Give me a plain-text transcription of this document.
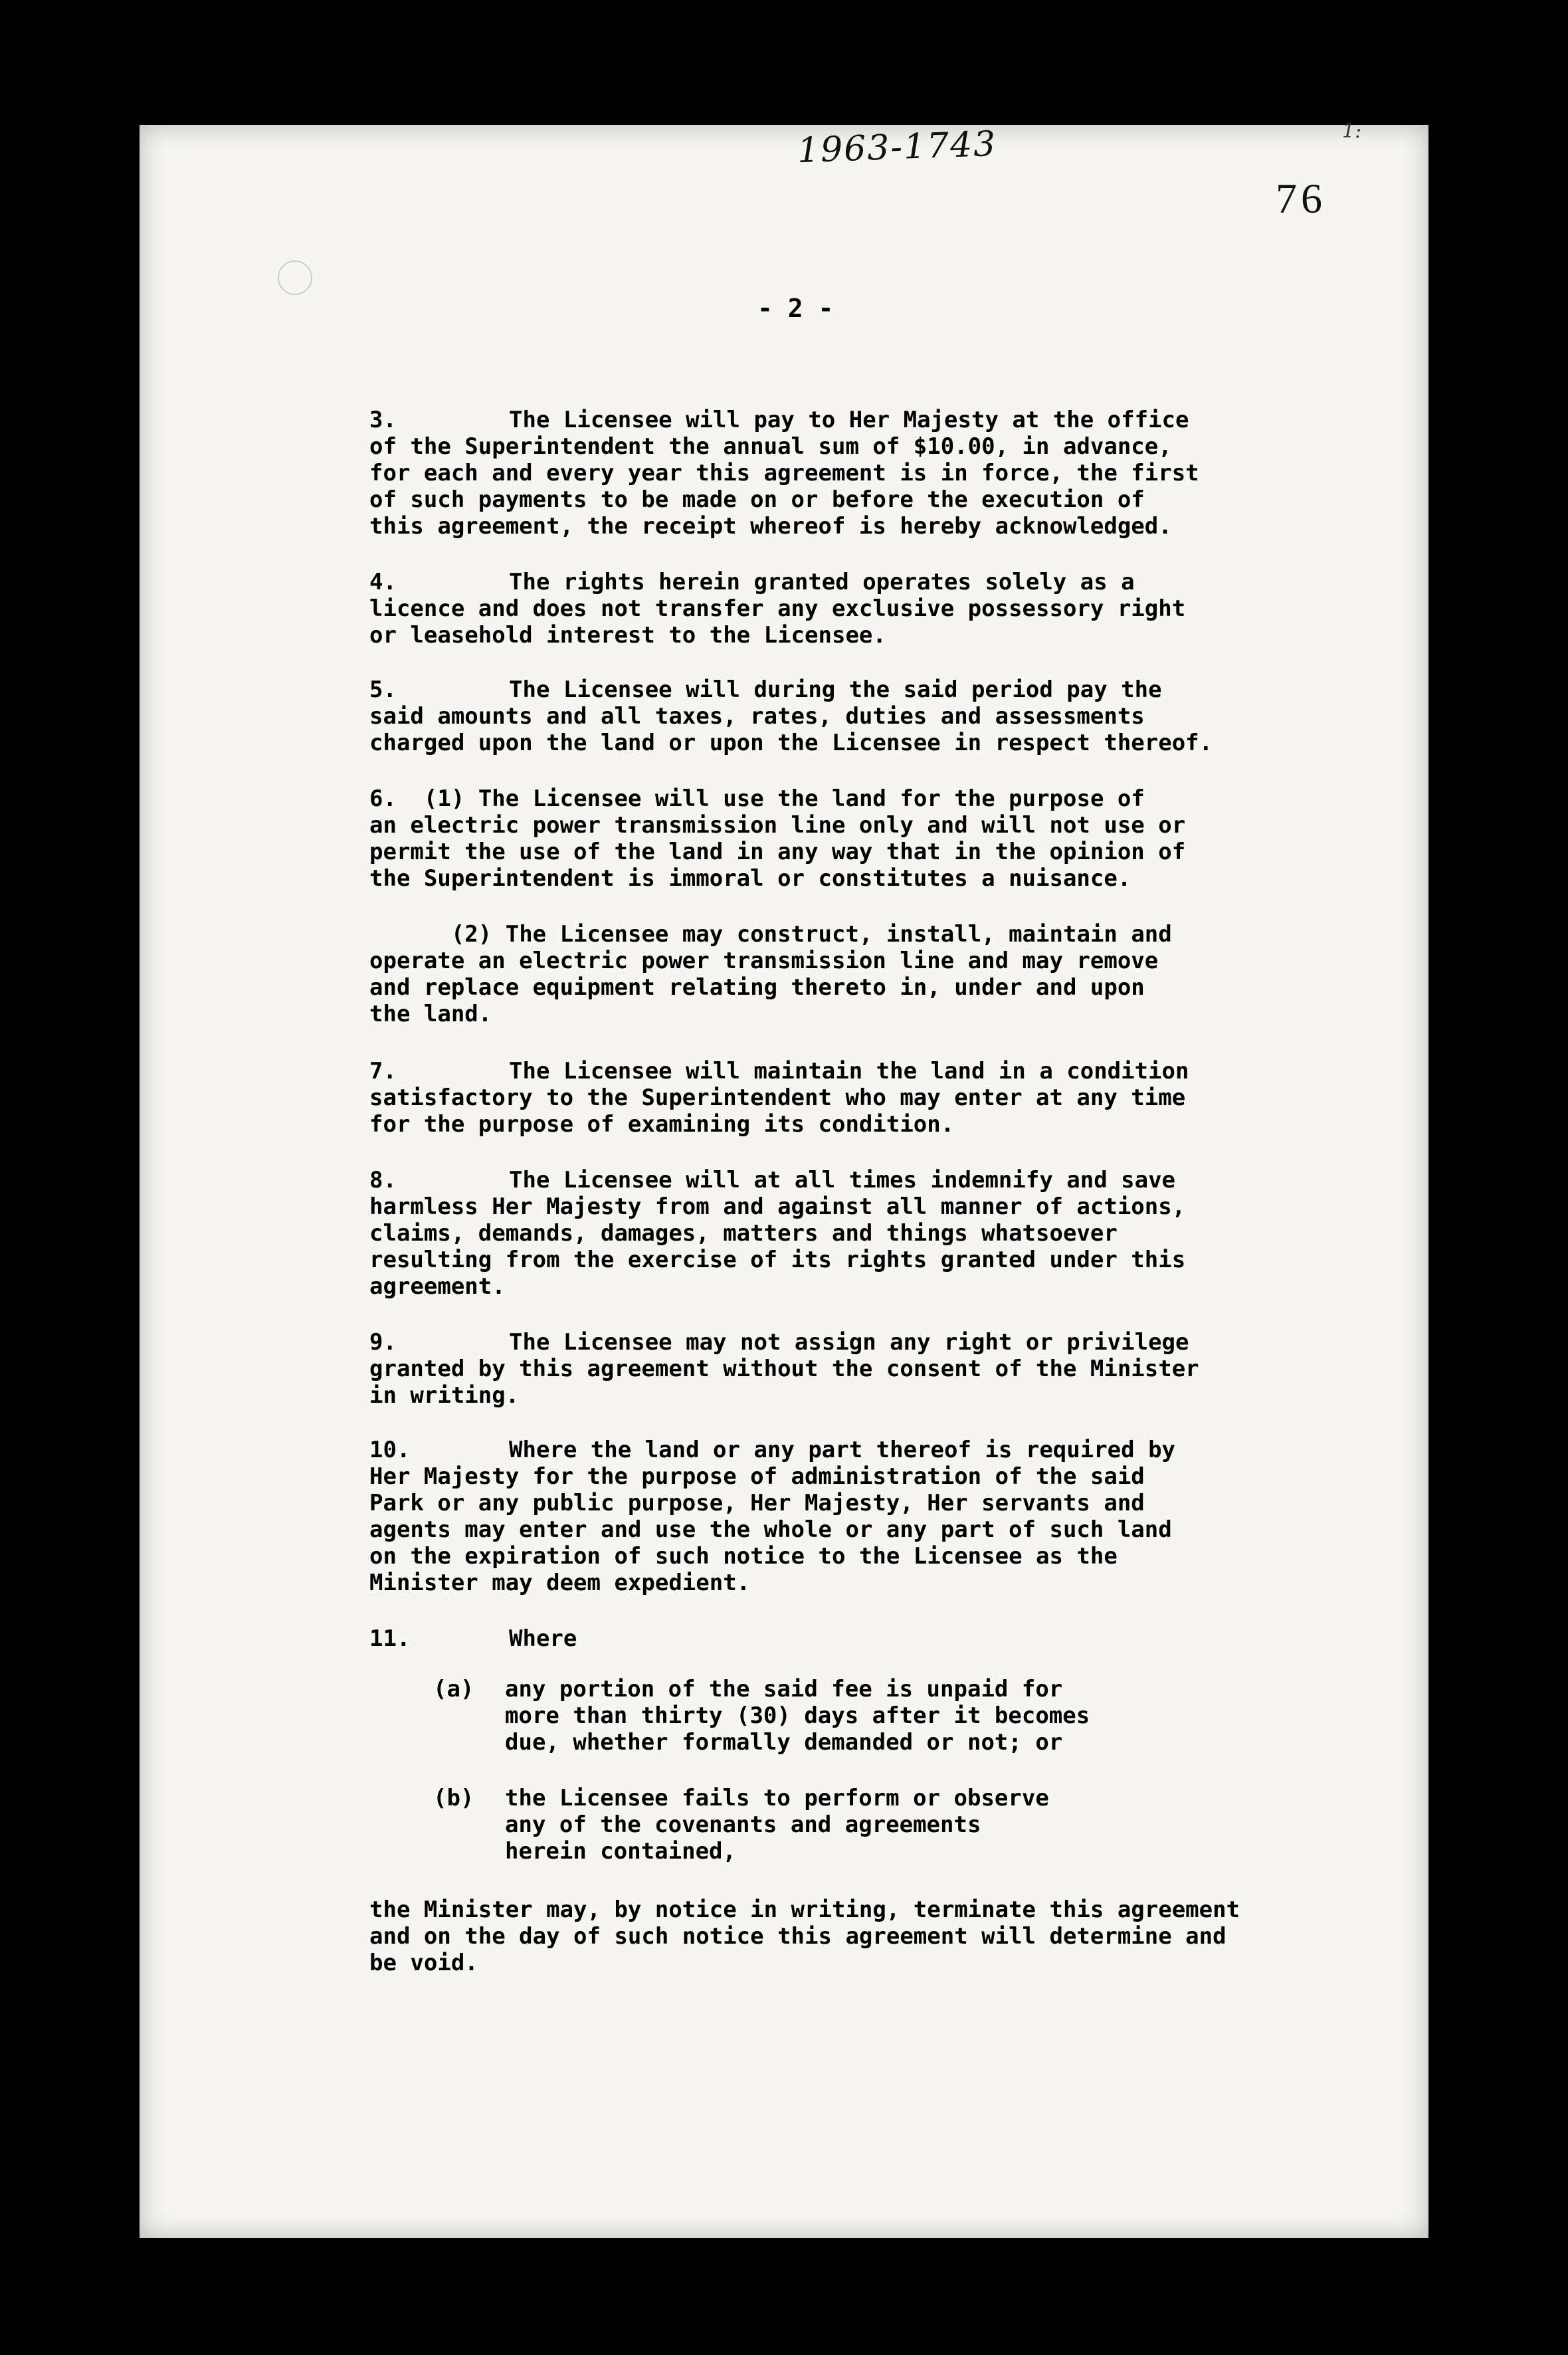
1963-1743	1:
76
- 2 -
3.	The Licensee will pay to Her Majesty at the office
of the Superintendent the annual sum of $10.00, in advance,
for each and every year this agreement is in force, the first
of such payments to be made on or before the execution of
this agreement, the receipt whereof is hereby acknowledged.
4.	The rights herein granted operates solely as a
licence and does not transfer any exclusive possessory right
or leasehold interest to the Licensee.
5.	The Licensee will during the said period pay the
said amounts and all taxes, rates, duties and assessments
charged upon the land or upon the Licensee in respect thereof.
6. (1) The Licensee will use the land for the purpose of
an electric power transmission line only and will not use or
permit the use of the land in any way that in the opinion of
the Superintendent is immoral or constitutes a nuisance.
(2) The Licensee may construct, install, maintain and
operate an electric power transmission line and may remove
and replace equipment relating thereto in, under and upon
the land.
7.	The Licensee will maintain the land in a condition
satisfactory to the Superintendent who may enter at any time
for the purpose of examining its condition.
8.	The Licensee will at all times indemnify and save
harmless Her Majesty from and against all manner of actions,
claims, demands, damages, matters and things whatsoever
resulting from the exercise of its rights granted under this
agreement.
9.	The Licensee may not assign any right or privilege
granted by this agreement without the consent of the Minister
in writing.
10.	Where the land or any part thereof is required by
Her Majesty for the purpose of administration of the said
Park or any public purpose, Her Majesty, Her servants and
agents may enter and use the whole or any part of such land
on the expiration of such notice to the Licensee as the
Minister may deem expedient.
11.	Where
(a) any portion of the said fee is unpaid for
more than thirty (30) days after it becomes
due, whether formally demanded or not; or
(b) the Licensee fails to perform or observe
any of the covenants and agreements
herein contained,
the Minister may, by notice in writing, terminate this agreement
and on the day of such notice this agreement will determine and
be void.
